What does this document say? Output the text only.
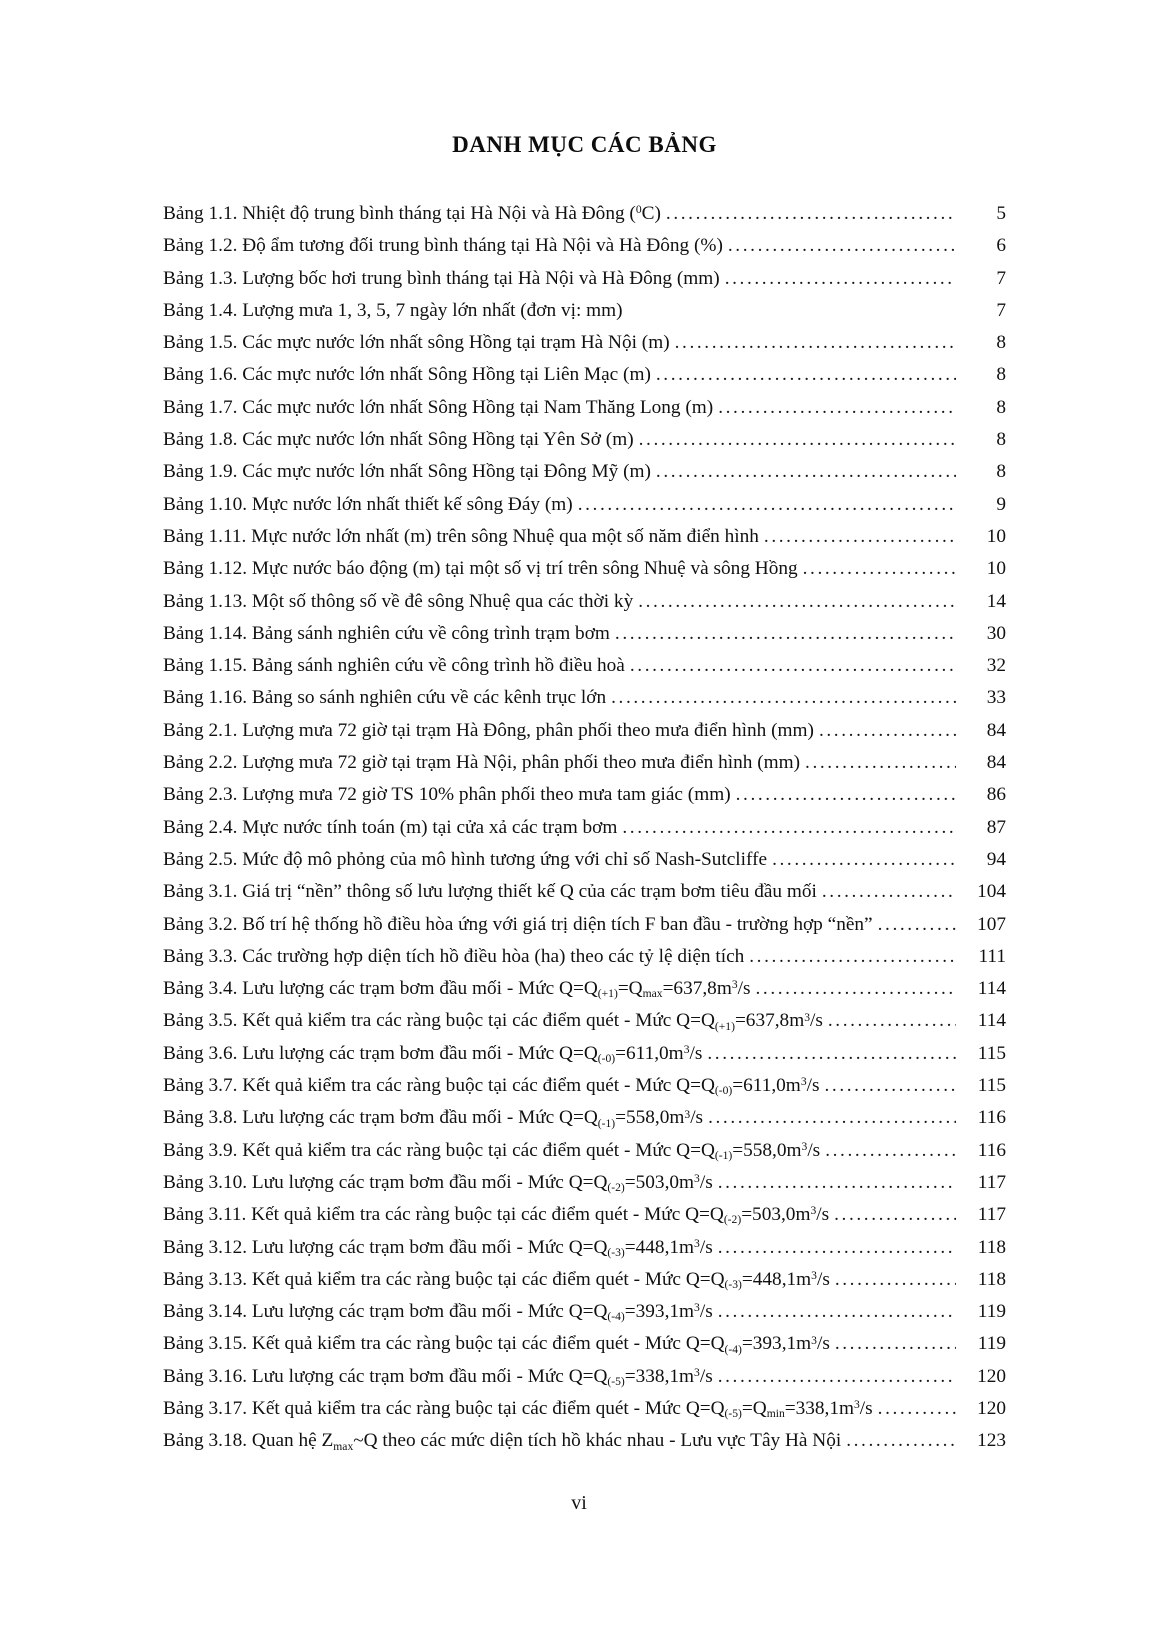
DANH MỤC CÁC BẢNG
Bảng 1.1. Nhiệt độ trung bình tháng tại Hà Nội và Hà Đông ($^0$C) .....	5
Bảng 1.2. Độ ẩm tương đối trung bình tháng tại Hà Nội và Hà Đông (%) .....	6
Bảng 1.3. Lượng bốc hơi trung bình tháng tại Hà Nội và Hà Đông (mm) .....	7
Bảng 1.4. Lượng mưa 1, 3, 5, 7 ngày lớn nhất (đơn vị: mm)	7
Bảng 1.5. Các mực nước lớn nhất sông Hồng tại trạm Hà Nội (m) .....	8
Bảng 1.6. Các mực nước lớn nhất Sông Hồng tại Liên Mạc (m) .....	8
Bảng 1.7. Các mực nước lớn nhất Sông Hồng tại Nam Thăng Long (m) .....	8
Bảng 1.8. Các mực nước lớn nhất Sông Hồng tại Yên Sở (m) .....	8
Bảng 1.9. Các mực nước lớn nhất Sông Hồng tại Đông Mỹ (m) .....	8
Bảng 1.10. Mực nước lớn nhất thiết kế sông Đáy (m) .....	9
Bảng 1.11. Mực nước lớn nhất (m) trên sông Nhuệ qua một số năm điển hình .....	10
Bảng 1.12. Mực nước báo động (m) tại một số vị trí trên sông Nhuệ và sông Hồng .....	10
Bảng 1.13. Một số thông số về đê sông Nhuệ qua các thời kỳ .....	14
Bảng 1.14. Bảng sánh nghiên cứu về công trình trạm bơm .....	30
Bảng 1.15. Bảng sánh nghiên cứu về công trình hồ điều hoà .....	32
Bảng 1.16. Bảng so sánh nghiên cứu về các kênh trục lớn .....	33
Bảng 2.1. Lượng mưa 72 giờ tại trạm Hà Đông, phân phối theo mưa điển hình (mm) .....	84
Bảng 2.2. Lượng mưa 72 giờ tại trạm Hà Nội, phân phối theo mưa điển hình (mm) .....	84
Bảng 2.3. Lượng mưa 72 giờ TS 10% phân phối theo mưa tam giác (mm) .....	86
Bảng 2.4. Mực nước tính toán (m) tại cửa xả các trạm bơm .....	87
Bảng 2.5. Mức độ mô phỏng của mô hình tương ứng với chỉ số Nash-Sutcliffe .....	94
Bảng 3.1. Giá trị “nền” thông số lưu lượng thiết kế Q của các trạm bơm tiêu đầu mối .....	104
Bảng 3.2. Bố trí hệ thống hồ điều hòa ứng với giá trị diện tích F ban đầu - trường hợp “nền” .....	107
Bảng 3.3. Các trường hợp diện tích hồ điều hòa (ha) theo các tỷ lệ diện tích .....	111
Bảng 3.4. Lưu lượng các trạm bơm đầu mối - Mức $Q=Q_{(+1)}=Q_{max}=637,8m^3/s$ .....	114
Bảng 3.5. Kết quả kiểm tra các ràng buộc tại các điểm quét - Mức $Q=Q_{(+1)}=637,8m^3/s$ .....	114
Bảng 3.6. Lưu lượng các trạm bơm đầu mối - Mức $Q=Q_{(-0)}=611,0m^3/s$ .....	115
Bảng 3.7. Kết quả kiểm tra các ràng buộc tại các điểm quét - Mức $Q=Q_{(-0)}=611,0m^3/s$ .....	115
Bảng 3.8. Lưu lượng các trạm bơm đầu mối - Mức $Q=Q_{(-1)}=558,0m^3/s$ .....	116
Bảng 3.9. Kết quả kiểm tra các ràng buộc tại các điểm quét - Mức $Q=Q_{(-1)}=558,0m^3/s$ .....	116
Bảng 3.10. Lưu lượng các trạm bơm đầu mối - Mức $Q=Q_{(-2)}=503,0m^3/s$ .....	117
Bảng 3.11. Kết quả kiểm tra các ràng buộc tại các điểm quét - Mức $Q=Q_{(-2)}=503,0m^3/s$ .....	117
Bảng 3.12. Lưu lượng các trạm bơm đầu mối - Mức $Q=Q_{(-3)}=448,1m^3/s$ .....	118
Bảng 3.13. Kết quả kiểm tra các ràng buộc tại các điểm quét - Mức $Q=Q_{(-3)}=448,1m^3/s$ .....	118
Bảng 3.14. Lưu lượng các trạm bơm đầu mối - Mức $Q=Q_{(-4)}=393,1m^3/s$ .....	119
Bảng 3.15. Kết quả kiểm tra các ràng buộc tại các điểm quét - Mức $Q=Q_{(-4)}=393,1m^3/s$ .....	119
Bảng 3.16. Lưu lượng các trạm bơm đầu mối - Mức $Q=Q_{(-5)}=338,1m^3/s$ .....	120
Bảng 3.17. Kết quả kiểm tra các ràng buộc tại các điểm quét - Mức $Q=Q_{(-5)}=Q_{min}=338,1m^3/s$ .....	120
Bảng 3.18. Quan hệ $Z_{max}\sim Q$ theo các mức diện tích hồ khác nhau - Lưu vực Tây Hà Nội .....	123
vi
